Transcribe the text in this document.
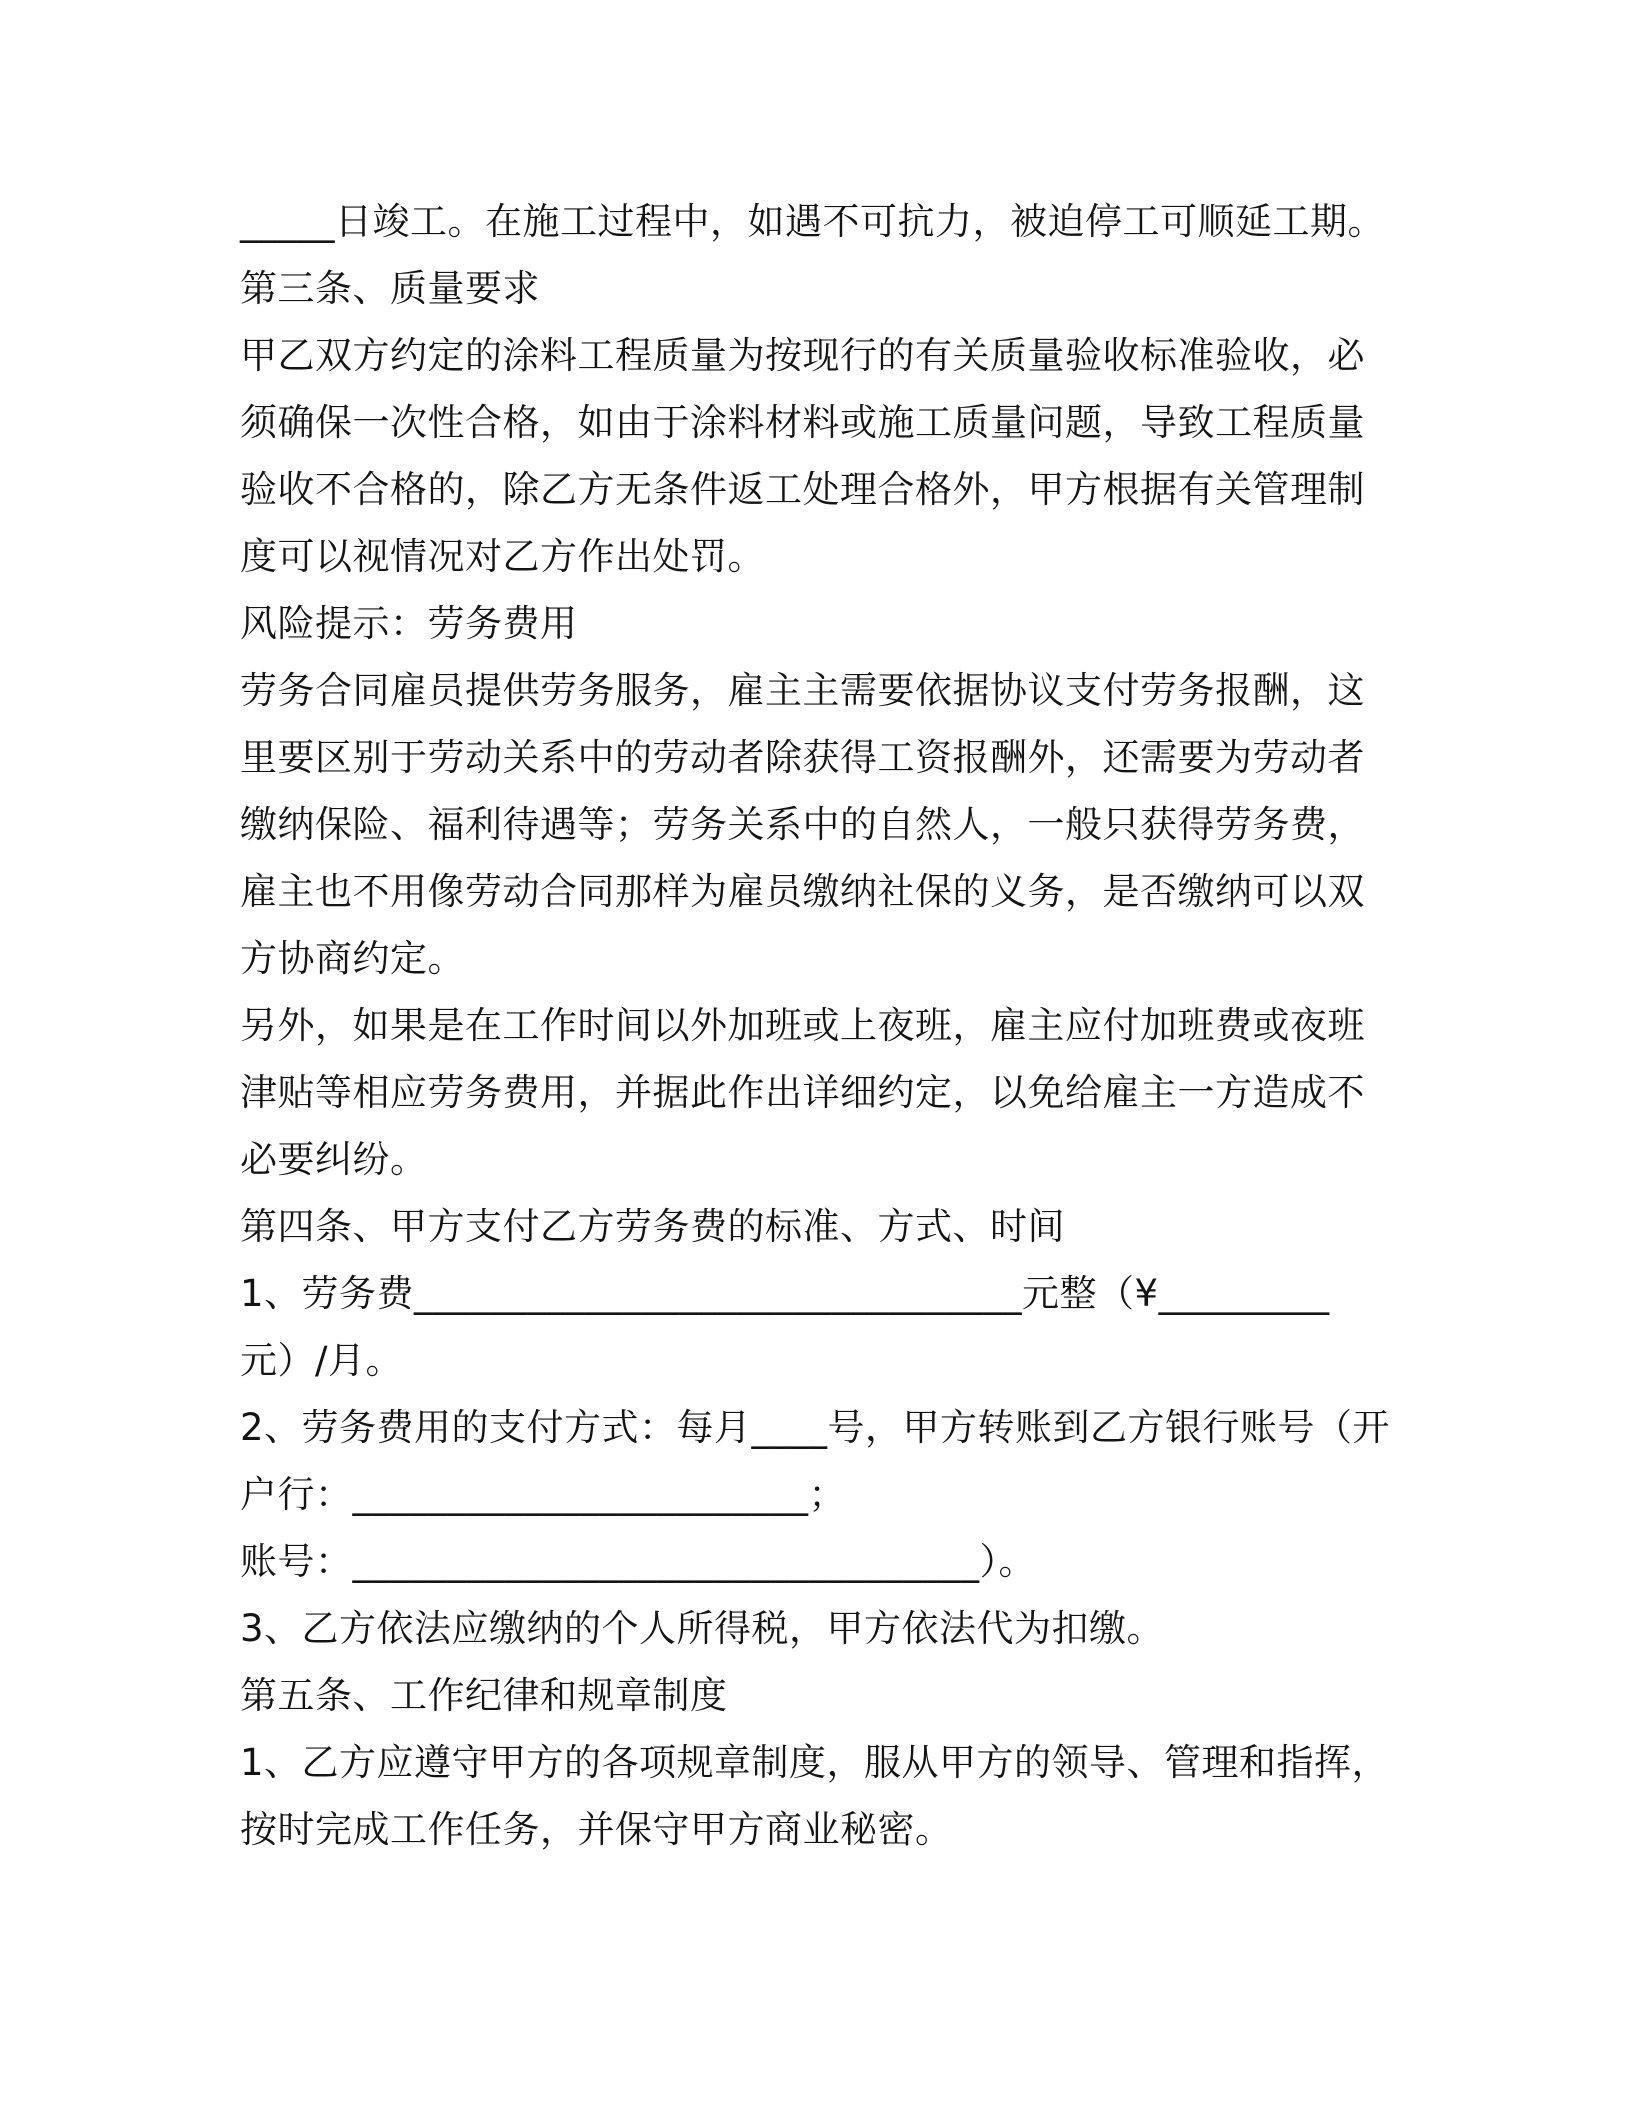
_____日竣工。在施工过程中，如遇不可抗力，被迫停工可顺延工期。
第三条、质量要求
甲乙双方约定的涂料工程质量为按现行的有关质量验收标准验收，必
须确保一次性合格，如由于涂料材料或施工质量问题，导致工程质量
验收不合格的，除乙方无条件返工处理合格外，甲方根据有关管理制
度可以视情况对乙方作出处罚。
风险提示：劳务费用
劳务合同雇员提供劳务服务，雇主主需要依据协议支付劳务报酬，这
里要区别于劳动关系中的劳动者除获得工资报酬外，还需要为劳动者
缴纳保险、福利待遇等；劳务关系中的自然人，一般只获得劳务费，
雇主也不用像劳动合同那样为雇员缴纳社保的义务，是否缴纳可以双
方协商约定。
另外，如果是在工作时间以外加班或上夜班，雇主应付加班费或夜班
津贴等相应劳务费用，并据此作出详细约定，以免给雇主一方造成不
必要纠纷。
第四条、甲方支付乙方劳务费的标准、方式、时间
1、劳务费________________________________元整（¥_________
元）/月。
2、劳务费用的支付方式：每月____号，甲方转账到乙方银行账号（开
户行：________________________；
账号：_________________________________）。
3、乙方依法应缴纳的个人所得税，甲方依法代为扣缴。
第五条、工作纪律和规章制度
1、乙方应遵守甲方的各项规章制度，服从甲方的领导、管理和指挥，
按时完成工作任务，并保守甲方商业秘密。
